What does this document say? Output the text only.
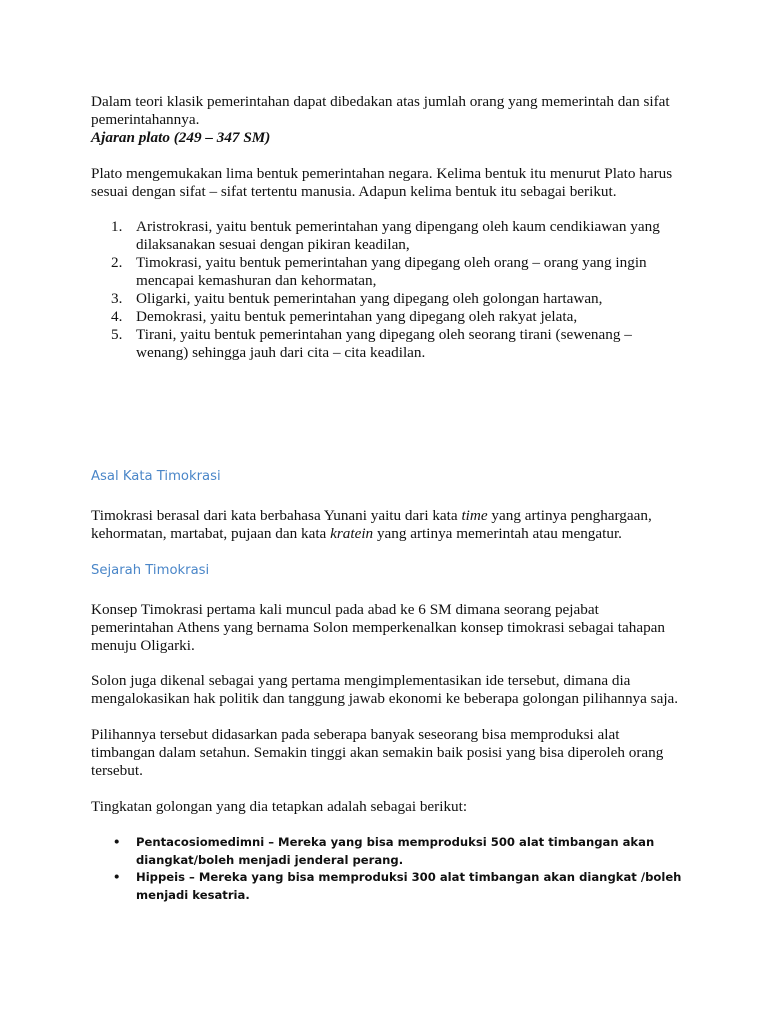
Dalam teori klasik pemerintahan dapat dibedakan atas jumlah orang yang memerintah dan sifat pemerintahannya.

Ajaran plato (249 – 347 SM)

Plato mengemukakan lima bentuk pemerintahan negara. Kelima bentuk itu menurut Plato harus sesuai dengan sifat – sifat tertentu manusia. Adapun kelima bentuk itu sebagai berikut.

1. Aristrokrasi, yaitu bentuk pemerintahan yang dipengang oleh kaum cendikiawan yang dilaksanakan sesuai dengan pikiran keadilan,
2. Timokrasi, yaitu bentuk pemerintahan yang dipegang oleh orang – orang yang ingin mencapai kemashuran dan kehormatan,
3. Oligarki, yaitu bentuk pemerintahan yang dipegang oleh golongan hartawan,
4. Demokrasi, yaitu bentuk pemerintahan yang dipegang oleh rakyat jelata,
5. Tirani, yaitu bentuk pemerintahan yang dipegang oleh seorang tirani (sewenang – wenang) sehingga jauh dari cita – cita keadilan.

Asal Kata Timokrasi

Timokrasi berasal dari kata berbahasa Yunani yaitu dari kata time yang artinya penghargaan, kehormatan, martabat, pujaan dan kata kratein yang artinya memerintah atau mengatur.

Sejarah Timokrasi

Konsep Timokrasi pertama kali muncul pada abad ke 6 SM dimana seorang pejabat pemerintahan Athens yang bernama Solon memperkenalkan konsep timokrasi sebagai tahapan menuju Oligarki.

Solon juga dikenal sebagai yang pertama mengimplementasikan ide tersebut, dimana dia mengalokasikan hak politik dan tanggung jawab ekonomi ke beberapa golongan pilihannya saja.

Pilihannya tersebut didasarkan pada seberapa banyak seseorang bisa memproduksi alat timbangan dalam setahun. Semakin tinggi akan semakin baik posisi yang bisa diperoleh orang tersebut.

Tingkatan golongan yang dia tetapkan adalah sebagai berikut:

• Pentacosiomedimni – Mereka yang bisa memproduksi 500 alat timbangan akan diangkat/boleh menjadi jenderal perang.
• Hippeis – Mereka yang bisa memproduksi 300 alat timbangan akan diangkat /boleh menjadi kesatria.
